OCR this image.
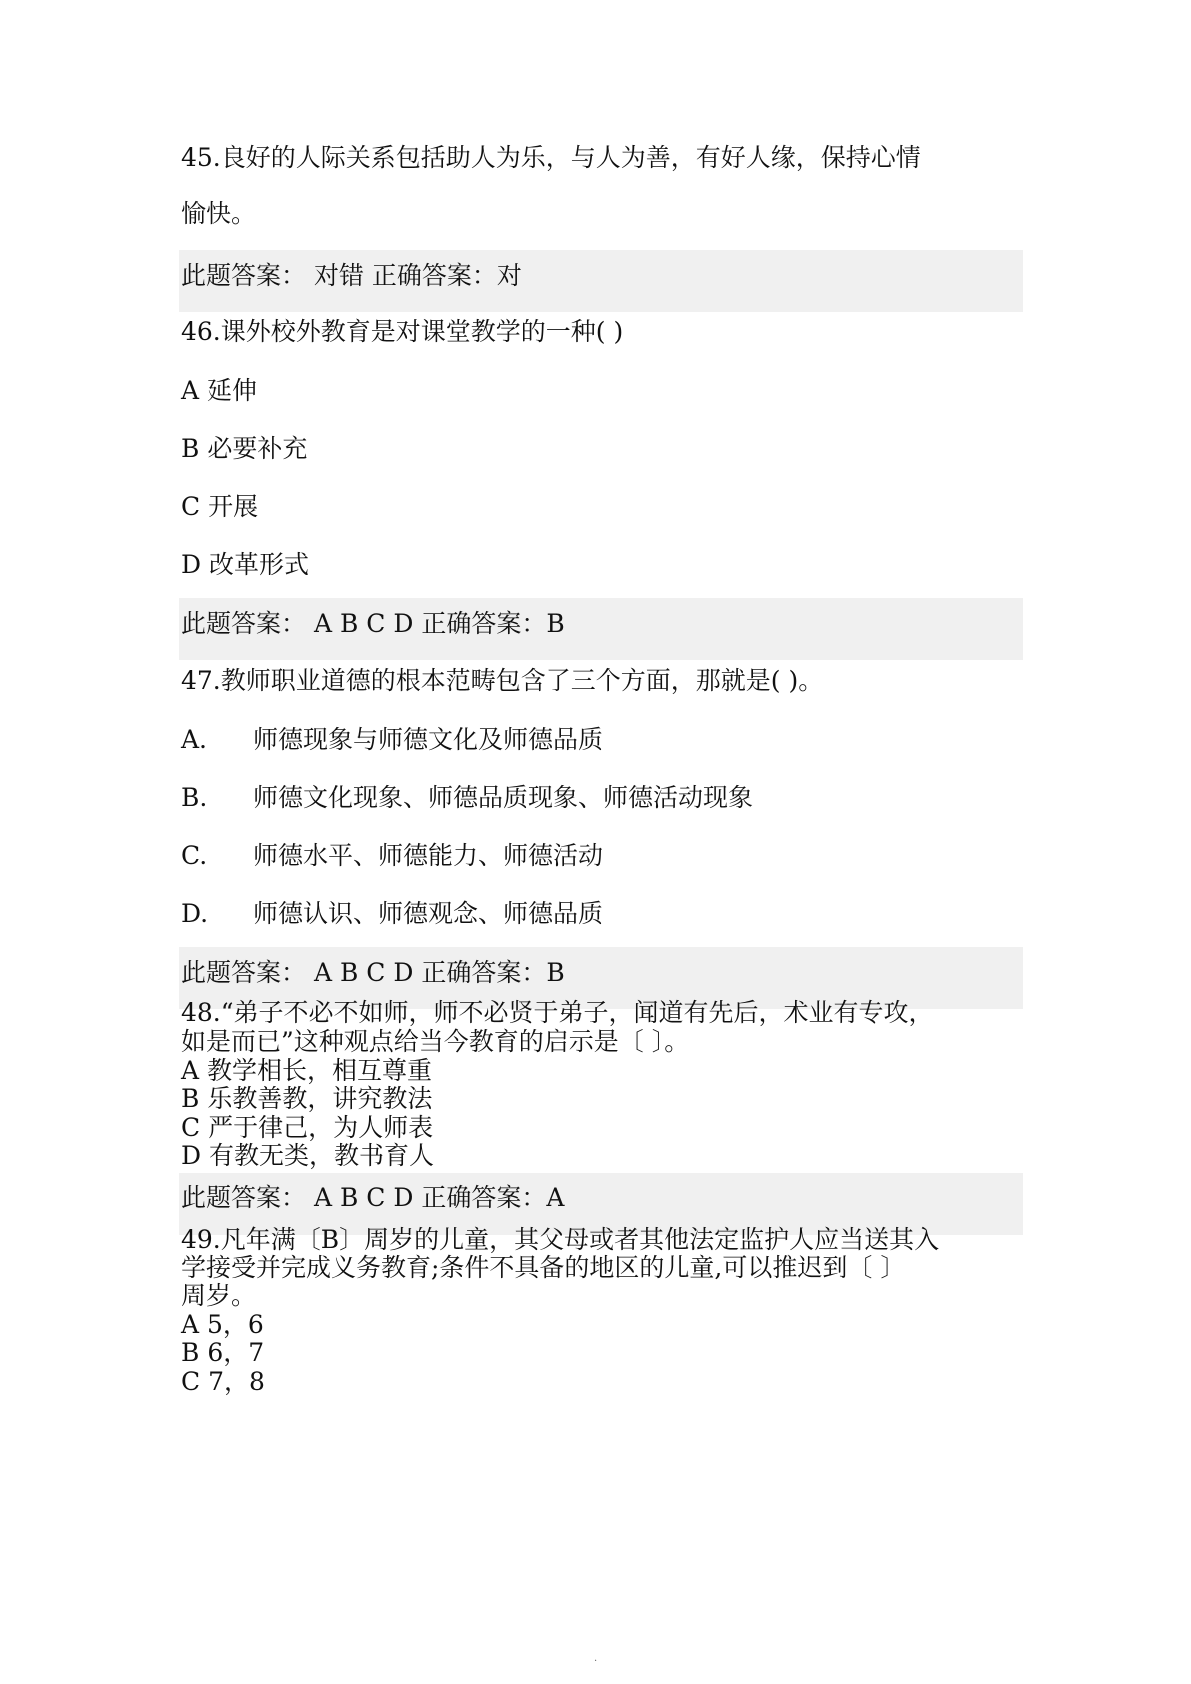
45.良好的人际关系包括助人为乐，与人为善，有好人缘，保持心情
愉快。
此题答案： 对错 正确答案：对
46.课外校外教育是对课堂教学的一种( )
A 延伸
B 必要补充
C 开展
D 改革形式
此题答案： A B C D 正确答案：B
47.教师职业道德的根本范畴包含了三个方面，那就是( )。
A. 师德现象与师德文化及师德品质
B. 师德文化现象、师德品质现象、师德活动现象
C. 师德水平、师德能力、师德活动
D. 师德认识、师德观念、师德品质
此题答案： A B C D 正确答案：B
48.“弟子不必不如师，师不必贤于弟子，闻道有先后，术业有专攻，
如是而已”这种观点给当今教育的启示是〔 〕。
A 教学相长，相互尊重
B 乐教善教，讲究教法
C 严于律己，为人师表
D 有教无类，教书育人
此题答案： A B C D 正确答案：A
49.凡年满〔B〕周岁的儿童，其父母或者其他法定监护人应当送其入
学接受并完成义务教育;条件不具备的地区的儿童,可以推迟到〔 〕
周岁。
A 5，6
B 6，7
C 7，8
.
